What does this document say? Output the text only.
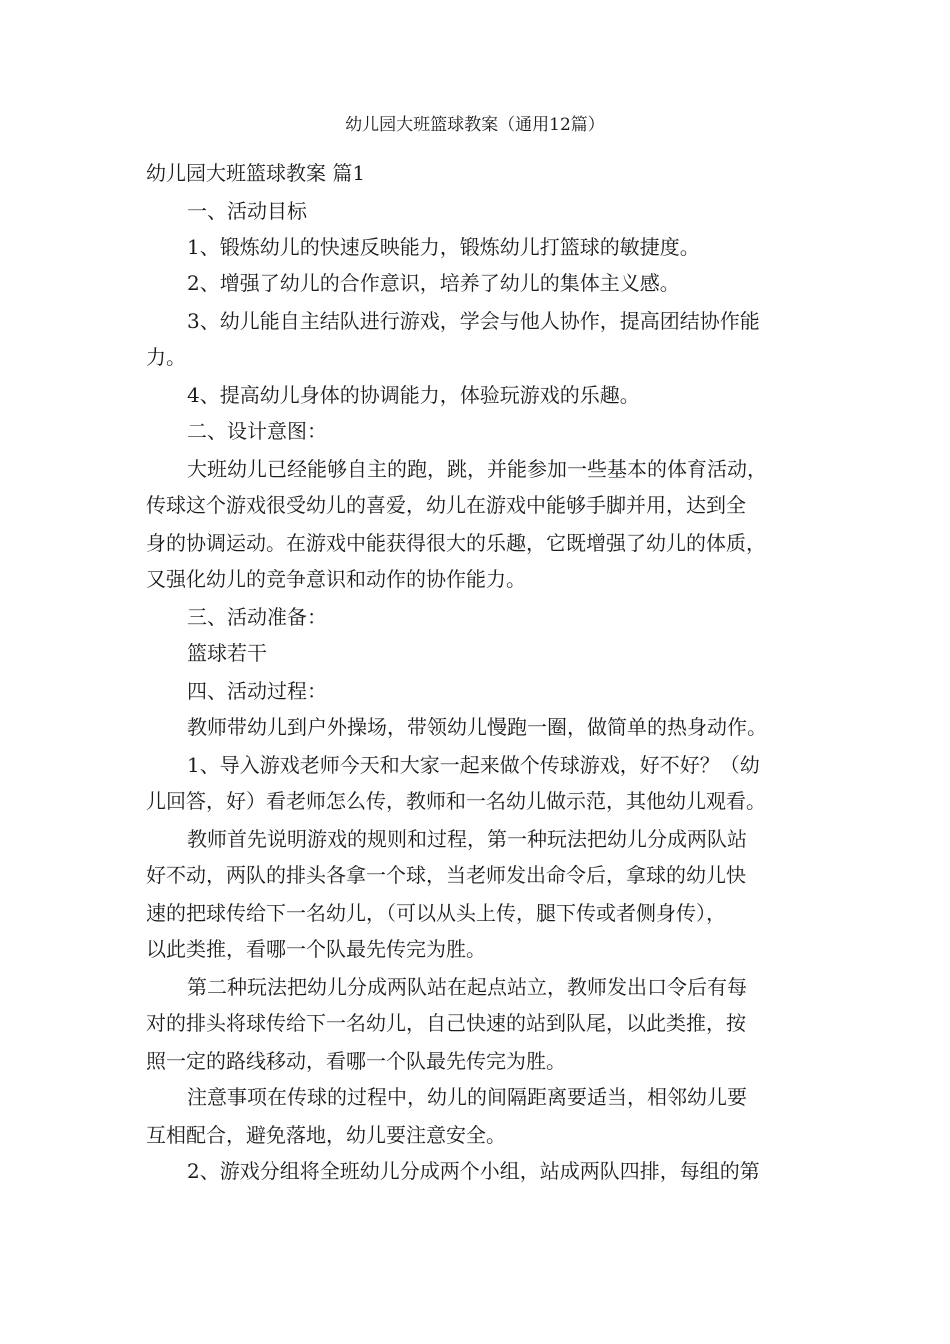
幼儿园大班篮球教案（通用12篇）
幼儿园大班篮球教案 篇1
一、活动目标
1、锻炼幼儿的快速反映能力，锻炼幼儿打篮球的敏捷度。
2、增强了幼儿的合作意识，培养了幼儿的集体主义感。
3、幼儿能自主结队进行游戏，学会与他人协作，提高团结协作能
力。
4、提高幼儿身体的协调能力，体验玩游戏的乐趣。
二、设计意图：
大班幼儿已经能够自主的跑，跳，并能参加一些基本的体育活动，
传球这个游戏很受幼儿的喜爱，幼儿在游戏中能够手脚并用，达到全
身的协调运动。在游戏中能获得很大的乐趣，它既增强了幼儿的体质，
又强化幼儿的竞争意识和动作的协作能力。
三、活动准备：
篮球若干
四、活动过程：
教师带幼儿到户外操场，带领幼儿慢跑一圈，做简单的热身动作。
1、导入游戏老师今天和大家一起来做个传球游戏，好不好？（幼
儿回答，好）看老师怎么传，教师和一名幼儿做示范，其他幼儿观看。
教师首先说明游戏的规则和过程，第一种玩法把幼儿分成两队站
好不动，两队的排头各拿一个球，当老师发出命令后，拿球的幼儿快
速的把球传给下一名幼儿，（可以从头上传，腿下传或者侧身传），
以此类推，看哪一个队最先传完为胜。
第二种玩法把幼儿分成两队站在起点站立，教师发出口令后有每
对的排头将球传给下一名幼儿，自己快速的站到队尾，以此类推，按
照一定的路线移动，看哪一个队最先传完为胜。
注意事项在传球的过程中，幼儿的间隔距离要适当，相邻幼儿要
互相配合，避免落地，幼儿要注意安全。
2、游戏分组将全班幼儿分成两个小组，站成两队四排，每组的第
